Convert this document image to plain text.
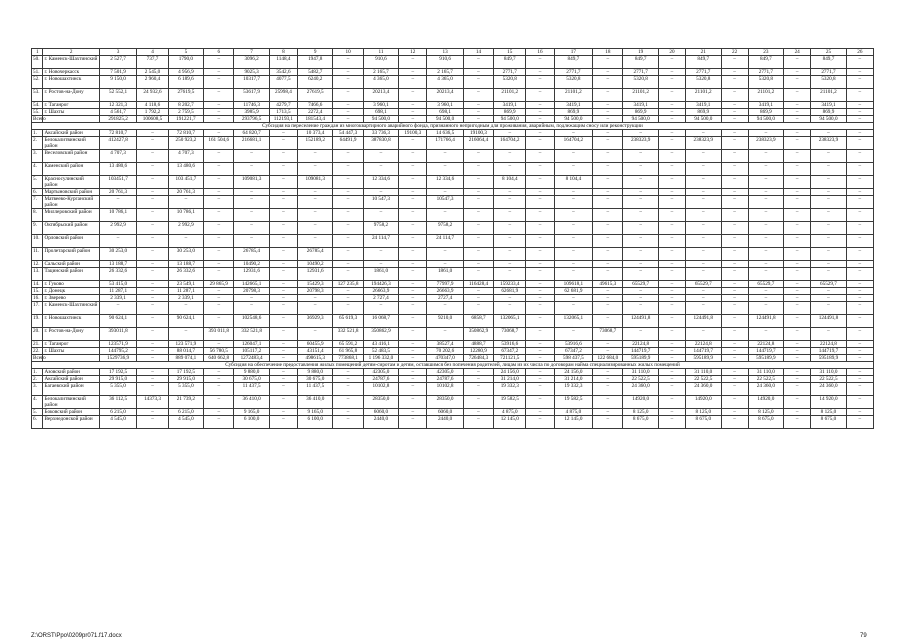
1	2	3	4	5	6	7	8	9	10	11	12	13	14	15	16	17	18	19	20	21	22	23	24	25	26
50.	г. Каменск-Шахтинский	2 527,7	737,7	1790,0	–	3096,2	1148,4	1947,8	–	910,6	–	910,6	–	849,7	–	849,7	–	849,7	–	849,7	–	849,7	–	849,7	–
51.	г. Новочеркасск	7 501,9	2 545,0	4 956,9	–	9025,3	3542,6	5482,7	–	2 165,7	–	2 165,7	–	2771,7	–	2771,7	–	2771,7	–	2771,7	–	2771,7	–	2771,7	–
52.	г. Новошахтинск	9 150,0	2 960,4	6 189,6	–	10317,7	4077,5	6240,2	–	4 365,0	–	4 365,0	–	5320,8	–	5320,8	–	5320,8	–	5320,8	–	5320,8	–	5320,8	–
53.	г. Ростов-на-Дону	52 552,1	24 932,6	27619,5	–	53617,9	25998,4	27619,5	–	20213,4	–	20213,4	–	21101,2	–	21101,2	–	21101,2	–	21101,2	–	21101,2	–	21101,2	–
54.	г. Таганрог	12 321,3	4 118,6	8 202,7	–	11746,3	4279,7	7466,6	–	3 960,1	–	3 960,1	–	3419,1	–	3419,1	–	3419,1	–	3419,1	–	3419,1	–	3419,1	–
55.	г. Шахты	4 561,7	1 792,2	2 759,5	–	3985,9	1713,5	2272,4	–	698,1	–	698,1	–	869,9	–	869,9	–	869,9	–	869,9	–	869,9	–	869,9	–
Всего		291825,2	100608,5	191221,7	–	293796,5	112193,1	181543,4	–	94 500,0	–	94 500,0	–	94 500,0	–	94 500,0	–	94 500,0	–	94 500,0	–	94 500,0	–	94 500,0	–
Субсидия на переселение граждан из многоквартирного аварийного фонда, признанного непригодным для проживания, аварийным, подлежащим сносу или реконструкции																									
1.	Аксайский район	72 810,7	–	72 810,7	–	64 820,7	–	10 373,4	54 447,3	33 736,3	19100,3	14 636,5	19100,3	–	–	–	–	–	–	–	–	–	–	–	–
2.	Белокалитвинский район	412427,8	–	250 923,2	161 504,6	216681,1	–	152189,2	64491,9	387830,8	–	171766,4	216064,4	164704,2	–	164704,2	–	238323,9	–	238323,9	–	238323,9	–	238323,9	–
3.	Веселовский район	4 707,3	–	4 707,3	–	–	–	–	–	–	–	–	–	–	–	–	–	–	–	–	–	–	–	–	–
4.	Каменский район	13 480,6	–	13 480,6	–	–	–	–	–	–	–	–	–	–	–	–	–	–	–	–	–	–	–	–	–
5.	Красносулинский район	103451,7	–	103 451,7	–	109081,3	–	109081,3	–	12 334,6	–	12 334,6	–	8 104,4	–	8 104,4	–	–	–	–	–	–	–	–	–
6.	Мартыновский район	20 761,3	–	20 761,3	–	–	–	–	–	–	–	–	–	–	–	–	–	–	–	–	–	–	–	–	–
7.	Матвеево-Курганский район	–	–	–	–	–	–	–	–	10 547,3	–	10547,3	–	–	–	–	–	–	–	–	–	–	–	–	–
8.	Миллеровский район	10 786,1	–	10 786,1	–	–	–	–	–	–	–	–	–	–	–	–	–	–	–	–	–	–	–	–	–
9.	Октябрьский район	2 992,9	–	2 992,9	–	–	–	–	–	9758,2	–	9758,2	–	–	–	–	–	–	–	–	–	–	–	–	–
10.	Орловский район	–	–	–	–	–	–	–	–	24 114,7	–	24 114,7	–	–	–	–	–	–	–	–	–	–	–	–	–
11.	Пролетарский район	30 253,0	–	30 253,0	–	26785,4	–	26785,4	–	–	–	–	–	–	–	–	–	–	–	–	–	–	–	–	–
12.	Сальский район	13 188,7	–	13 188,7	–	10490,2	–	10490,2	–	–	–	–	–	–	–	–	–	–	–	–	–	–	–	–	–
13.	Тацинский район	26 332,6	–	26 332,6	–	12931,6	–	12931,6	–	1861,0	–	1861,0	–	–	–	–	–	–	–	–	–	–	–	–	–
14.	г. Гуково	53 415,0	–	23 549,1	29 865,9	142665,1	–	15429,3	127 235,8	194426,3	–	77997,9	116428,4	159233,4	–	109618,1	49615,3	65529,7	–	65529,7	–	65529,7	–	65529,7	–
15.	г. Донецк	11 287,1	–	11 287,1	–	20798,3	–	20798,3	–	26663,9	–	26663,9	–	62681,9	–	62 681,9	–	–	–	–	–	–	–	–	–
16.	г. Зверево	2 339,1	–	2 339,1	–	–	–	–	–	2 727,4	–	2727,4	–	–	–	–	–	–	–	–	–	–	–	–	–
17.	г. Каменск-Шахтинский	–	–	–	–	–	–	–	–	–	–	–	–	–	–	–	–	–	–	–	–	–	–	–	–
19.	г. Новошахтинск	90 624,1	–	90 624,1	–	102548,6	–	36929,3	65 619,3	16 068,7	–	9210,0	6858,7	132065,1	–	132065,1	–	124491,8	–	124491,8	–	124491,8	–	124491,8	–
20.	г. Ростов-на-Дону	393011,8	–	–	393 011,8	332 521,8	–	–	332 521,8	350862,9	–	–	350862,9	73068,7	–	–	73068,7	–	–	–	–	–	–	–	–
21.	г. Таганрог	123571,9	–	123 571,9	–	126047,1	–	60455,9	65 591,2	43 416,1	–	38527,4	4888,7	53916,6	–	53916,6	–	22124,8	–	22124,8	–	22124,8	–	22124,8	–
22.	г. Шахты	144795,2	–	88 014,7	56 780,5	105117,2	–	43151,4	61 965,8	52 483,5	–	70 202,6	12280,9	67347,2	–	67347,2	–	144719,7	–	144719,7	–	144719,7	–	144719,7	–
Всего		1529736,9	–	889 074,1	640 662,8	1272483,4	–	498615,3	773868,1	1 196 332,0	–	470347,0	726484,3	721121,5	–	598 437,5	122 684,0	595189,9	–	595189,9	–	595189,9	–	595189,9	–
Субсидия на обеспечение предоставления жилых помещений детям-сиротам и детям, оставшимся без попечения родителей, лицам из их числа по договорам найма специализированных жилых помещений																									
1.	Азовский район	17 192,5	–	17 192,5	–	9 880,0	–	9 880,0	–	42305,0	–	42305,0	–	24 156,0	–	24 156,0	–	31 110,0	–	31 110,0	–	31 110,0	–	31 110,0	–
2.	Аксайский район	29 915,0	–	29 915,0	–	30 675,0	–	30 675,0	–	24787,6	–	24787,6	–	31 214,0	–	31 214,0	–	22 522,5	–	22 522,5	–	22 522,5	–	22 522,5	–
3.	Багаевский район	5 355,0	–	5 355,0	–	11 437,5	–	11 437,5	–	10102,8	–	10102,8	–	19 332,3	–	19 332,3	–	24 360,0	–	24 360,0	–	24 360,0	–	24 360,0	–
4.	Белокалитвинский район	36 112,5	14373,3	21 739,2	–	36 410,0	–	36 410,0	–	28350,0	–	28350,0	–	19 582,5	–	19 582,5	–	14920,0	–	14920,0	–	14920,0	–	14 920,0	–
5.	Боковский район	6 215,0	–	6 215,0	–	9 165,0	–	9 165,0	–	6060,0	–	6060,0	–	4 875,0	–	4 875,0	–	8 125,0	–	8 125,0	–	8 125,0	–	8 125,0	–
6.	Верхнедонской район	4 545,0	–	4 545,0	–	6 100,0	–	6 100,0	–	2440,0	–	2440,0	–	12 145,0	–	12 145,0	–	8 675,0	–	8 675,0	–	8 675,0	–	8 675,0	–
Z:\ORST\Ppo\0209pr071.f17.docx	79
